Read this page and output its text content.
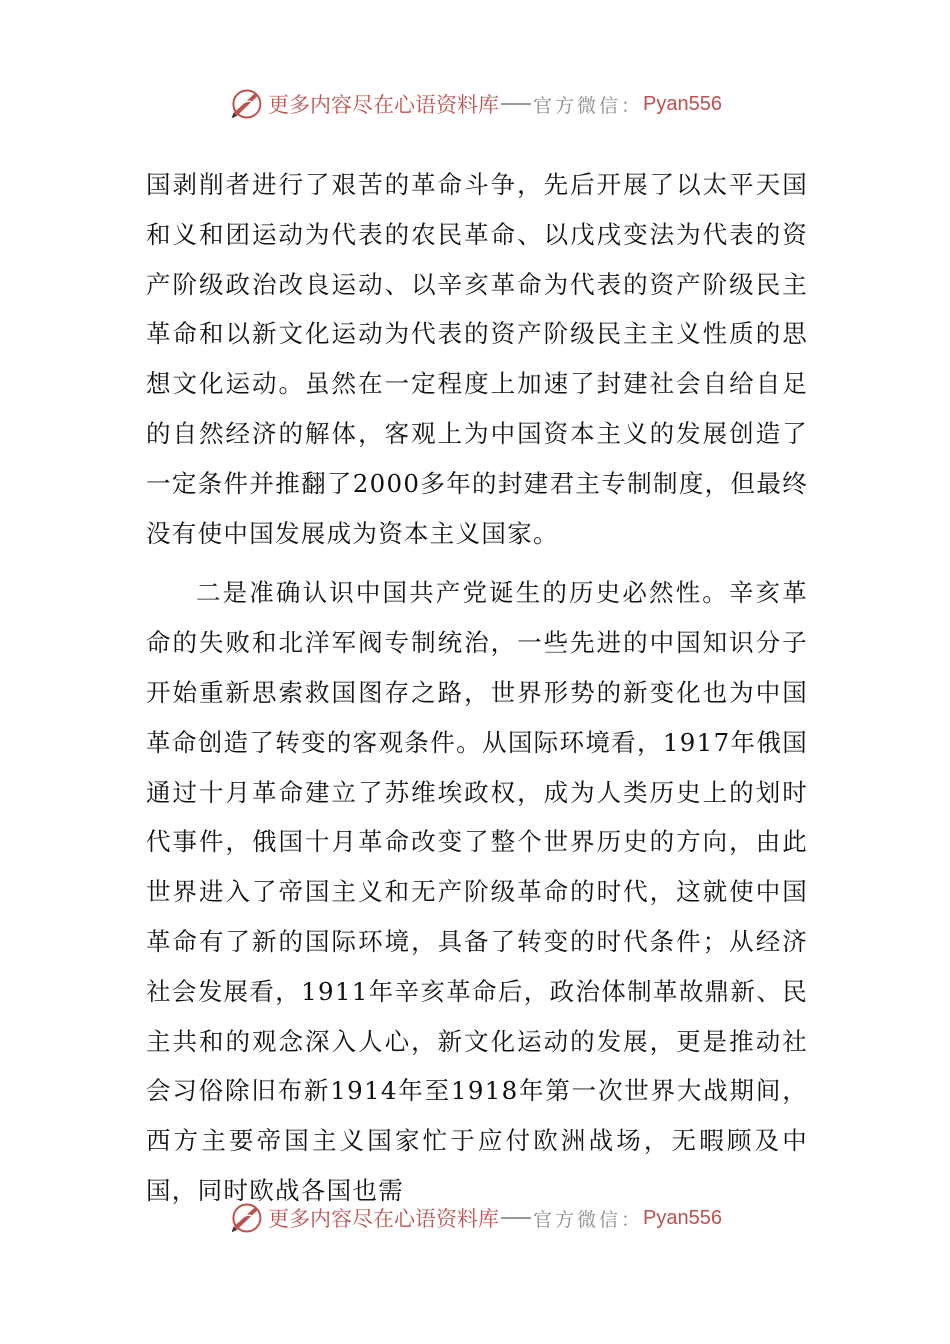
更多内容尽在心语资料库 官方微信： Pyan556

国剥削者进行了艰苦的革命斗争，先后开展了以太平天国和义和团运动为代表的农民革命、以戊戌变法为代表的资产阶级政治改良运动、以辛亥革命为代表的资产阶级民主革命和以新文化运动为代表的资产阶级民主主义性质的思想文化运动。虽然在一定程度上加速了封建社会自给自足的自然经济的解体，客观上为中国资本主义的发展创造了一定条件并推翻了2000多年的封建君主专制制度，但最终没有使中国发展成为资本主义国家。

二是准确认识中国共产党诞生的历史必然性。辛亥革命的失败和北洋军阀专制统治，一些先进的中国知识分子开始重新思索救国图存之路，世界形势的新变化也为中国革命创造了转变的客观条件。从国际环境看，1917年俄国通过十月革命建立了苏维埃政权，成为人类历史上的划时代事件，俄国十月革命改变了整个世界历史的方向，由此世界进入了帝国主义和无产阶级革命的时代，这就使中国革命有了新的国际环境，具备了转变的时代条件；从经济社会发展看，1911年辛亥革命后，政治体制革故鼎新、民主共和的观念深入人心，新文化运动的发展，更是推动社会习俗除旧布新1914年至1918年第一次世界大战期间，西方主要帝国主义国家忙于应付欧洲战场，无暇顾及中国，同时欧战各国也需

更多内容尽在心语资料库 官方微信： Pyan556
